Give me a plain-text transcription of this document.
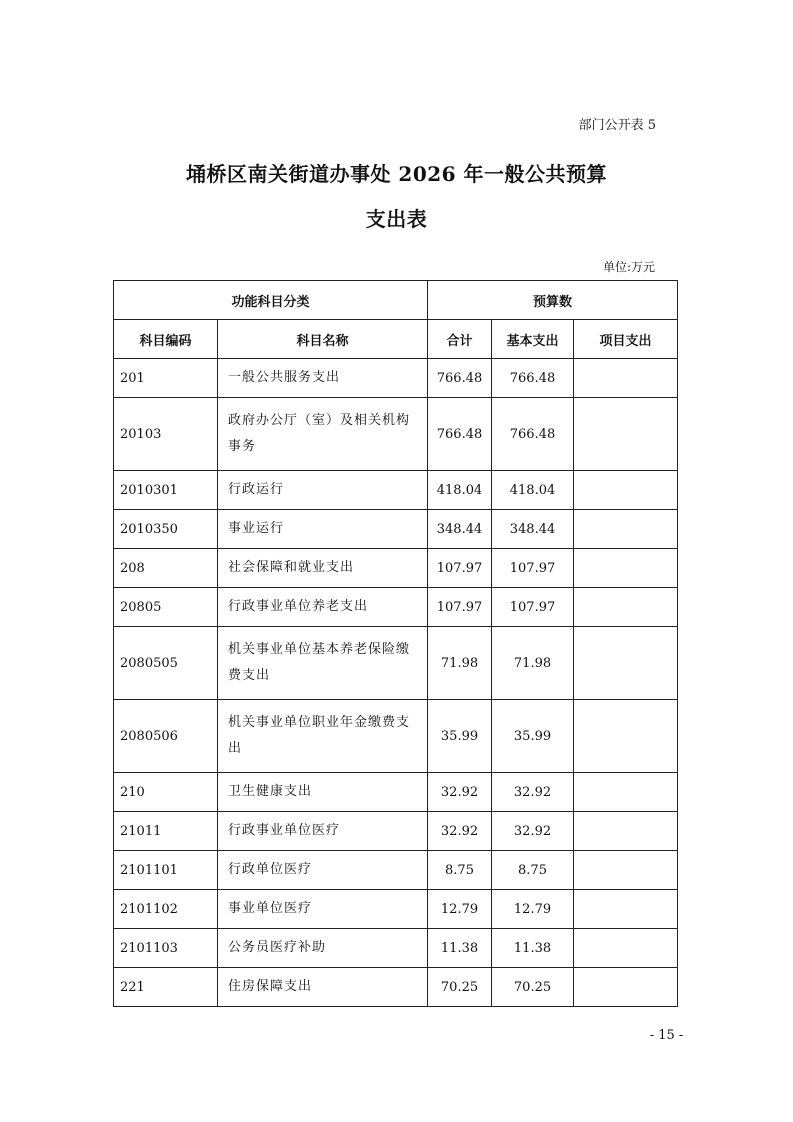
部门公开表 5
埇桥区南关街道办事处 2026 年一般公共预算
支出表
单位:万元
功能科目分类		预算数		
科目编码	科目名称	合计	基本支出	项目支出
201	一般公共服务支出	766.48	766.48	
20103	政府办公厅（室）及相关机构事务	766.48	766.48	
2010301	行政运行	418.04	418.04	
2010350	事业运行	348.44	348.44	
208	社会保障和就业支出	107.97	107.97	
20805	行政事业单位养老支出	107.97	107.97	
2080505	机关事业单位基本养老保险缴费支出	71.98	71.98	
2080506	机关事业单位职业年金缴费支出	35.99	35.99	
210	卫生健康支出	32.92	32.92	
21011	行政事业单位医疗	32.92	32.92	
2101101	行政单位医疗	8.75	8.75	
2101102	事业单位医疗	12.79	12.79	
2101103	公务员医疗补助	11.38	11.38	
221	住房保障支出	70.25	70.25	
- 15 -
